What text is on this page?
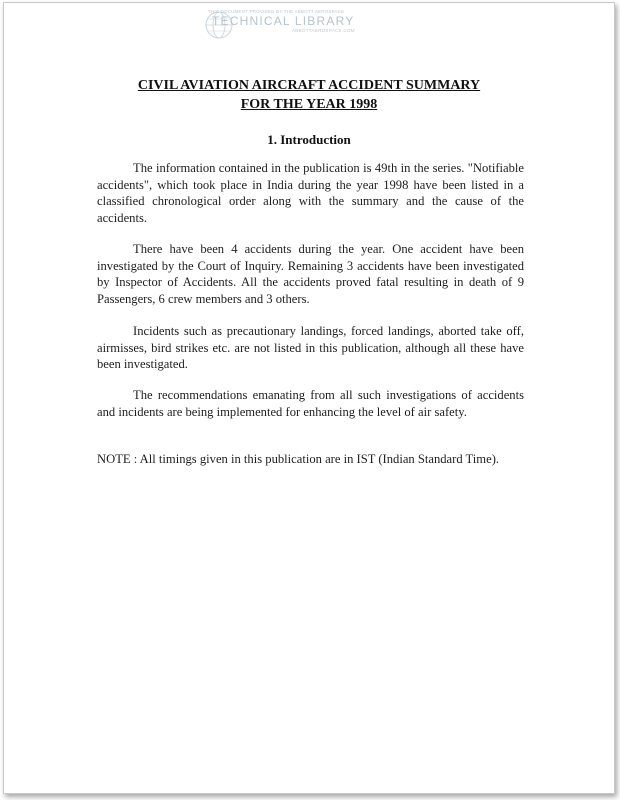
THIS DOCUMENT PROVIDED BY THE ABBOTT AEROSPACE
TECHNICAL LIBRARY
ABBOTTAEROSPACE.COM
CIVIL AVIATION AIRCRAFT ACCIDENT SUMMARY
FOR THE YEAR 1998
1. Introduction

The information contained in the publication is 49th in the series. "Notifiable accidents", which took place in India during the year 1998 have been listed in a classified chronological order along with the summary and the cause of the accidents.

There have been 4 accidents during the year. One accident have been investigated by the Court of Inquiry. Remaining 3 accidents have been investigated by Inspector of Accidents. All the accidents proved fatal resulting in death of 9 Passengers, 6 crew members and 3 others.

Incidents such as precautionary landings, forced landings, aborted take off, airmisses, bird strikes etc. are not listed in this publication, although all these have been investigated.

The recommendations emanating from all such investigations of accidents and incidents are being implemented for enhancing the level of air safety.

NOTE : All timings given in this publication are in IST (Indian Standard Time).
